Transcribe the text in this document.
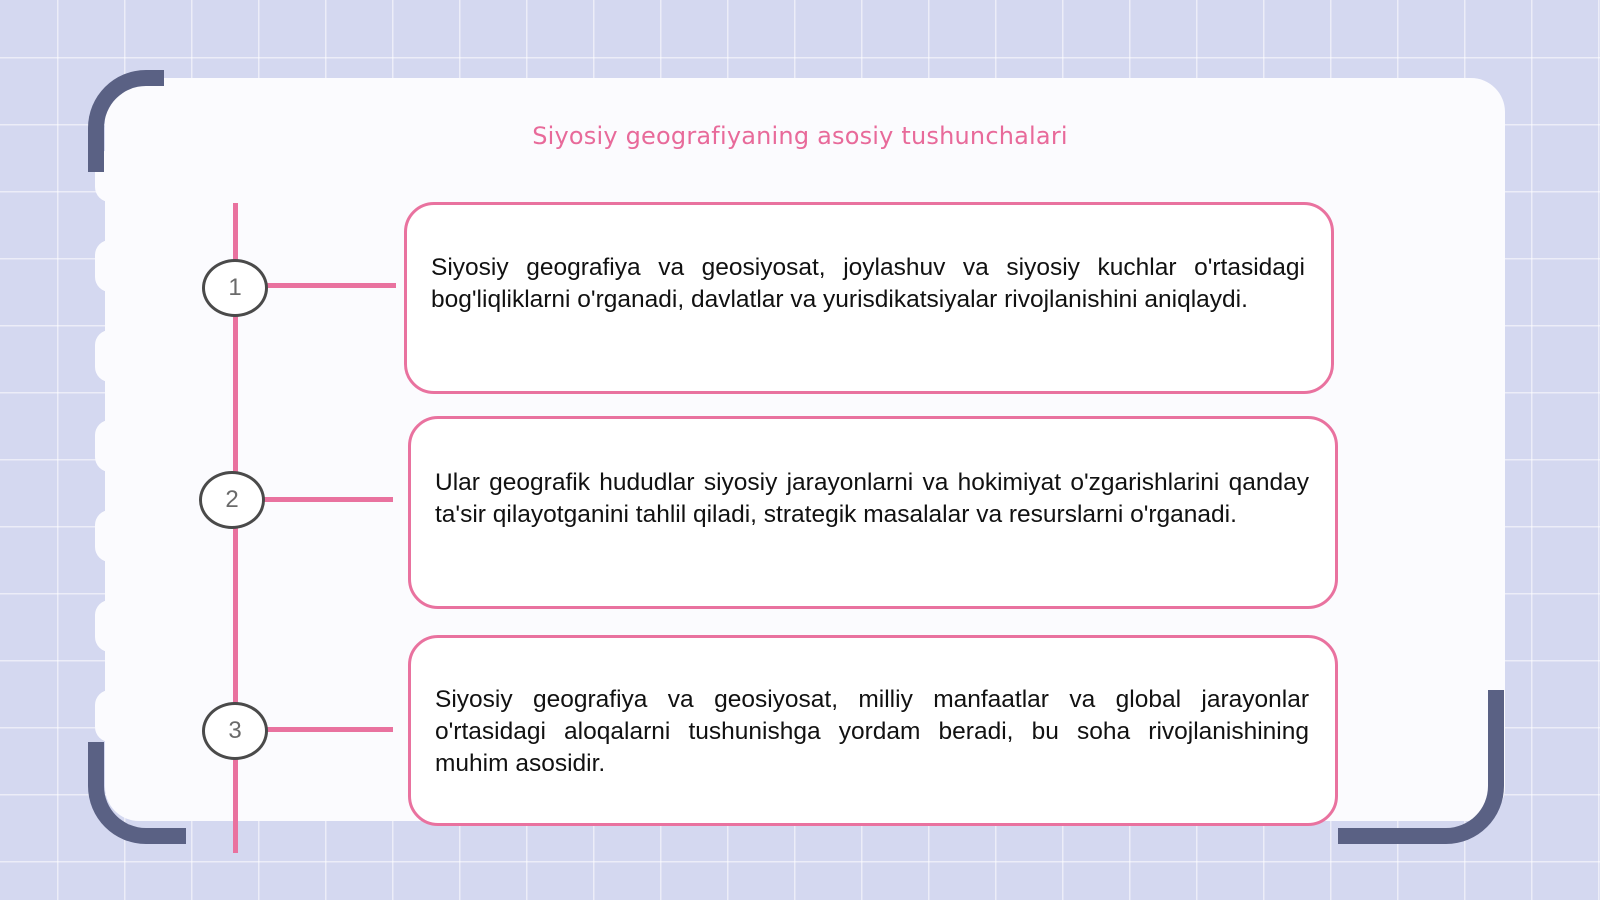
Siyosiy geografiyaning asosiy tushunchalari

Siyosiy geografiya va geosiyosat, joylashuv va siyosiy kuchlar o'rtasidagi bog'liqliklarni o'rganadi, davlatlar va yurisdikatsiyalar rivojlanishini aniqlaydi.

1

Ular geografik hududlar siyosiy jarayonlarni va hokimiyat o'zgarishlarini qanday ta'sir qilayotganini tahlil qiladi, strategik masalalar va resurslarni o'rganadi.

2

Siyosiy geografiya va geosiyosat, milliy manfaatlar va global jarayonlar o'rtasidagi aloqalarni tushunishga yordam beradi, bu soha rivojlanishining muhim asosidir.

3
